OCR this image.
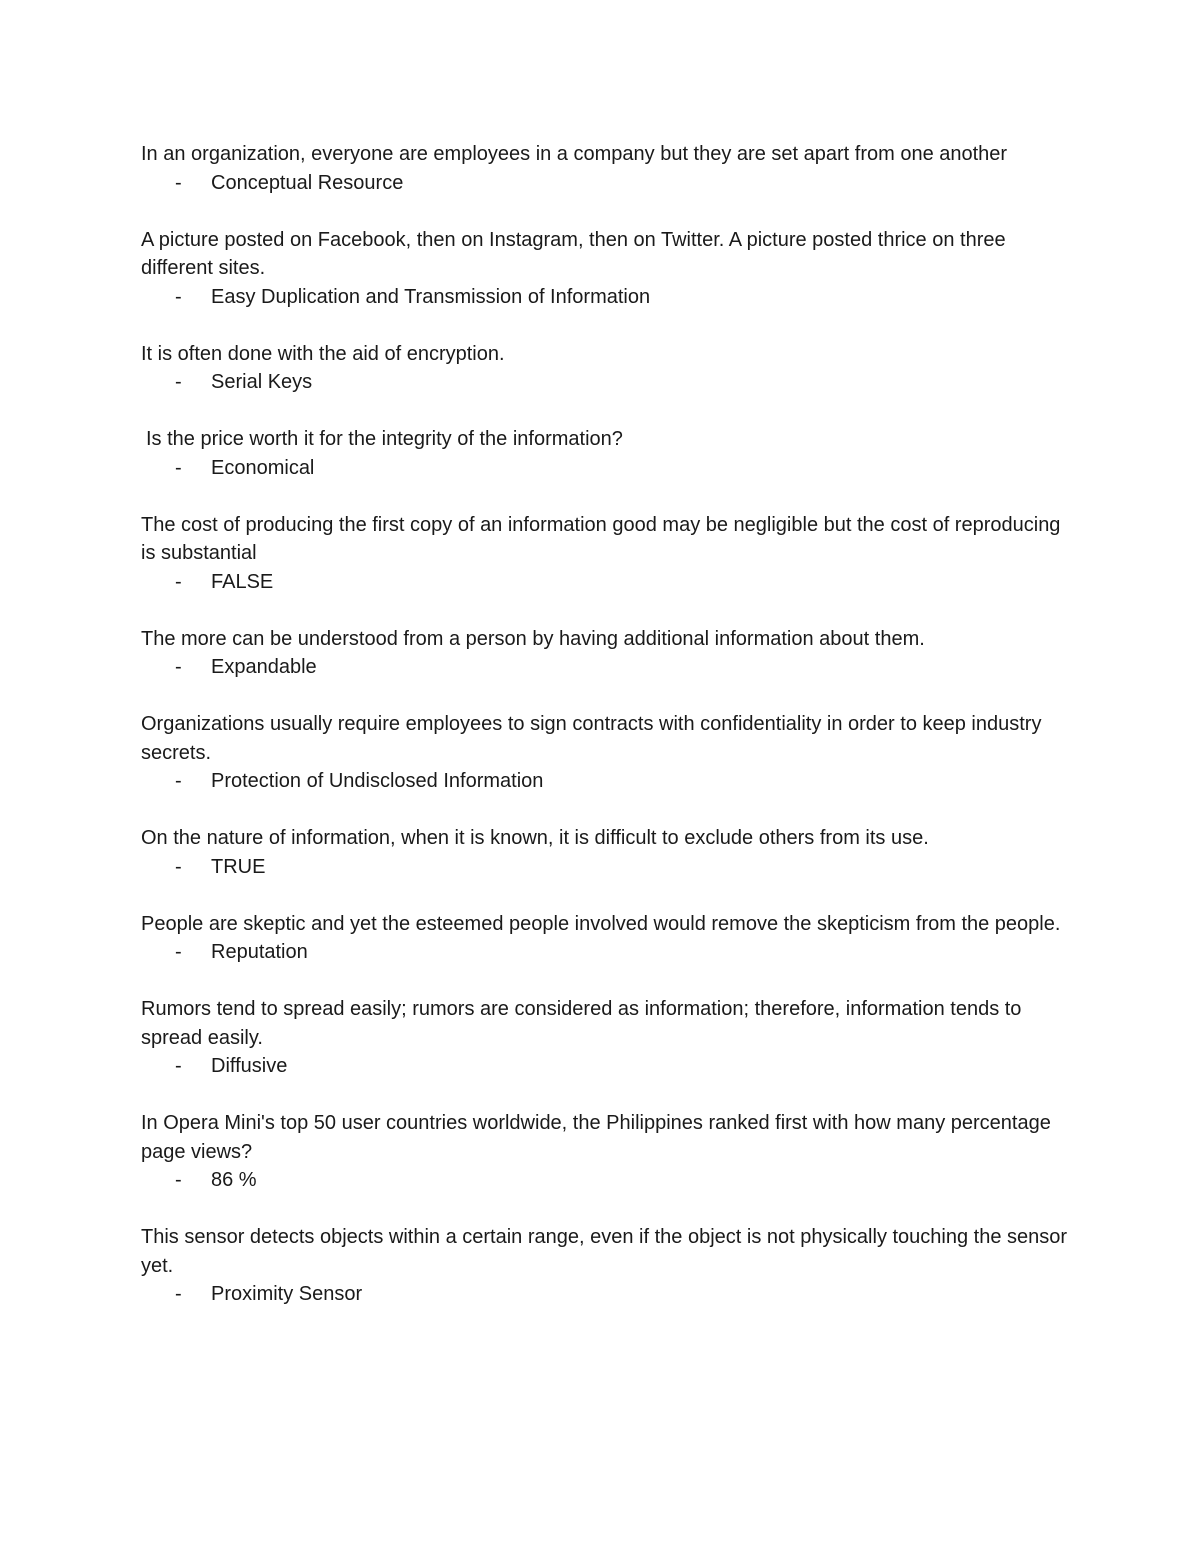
In an organization, everyone are employees in a company but they are set apart from one another

-	Conceptual Resource

A picture posted on Facebook, then on Instagram, then on Twitter. A picture posted thrice on three different sites.

-	Easy Duplication and Transmission of Information

It is often done with the aid of encryption.

-	Serial Keys

Is the price worth it for the integrity of the information?

-	Economical

The cost of producing the first copy of an information good may be negligible but the cost of reproducing is substantial

-	FALSE

The more can be understood from a person by having additional information about them.

-	Expandable

Organizations usually require employees to sign contracts with confidentiality in order to keep industry secrets.

-	Protection of Undisclosed Information

On the nature of information, when it is known, it is difficult to exclude others from its use.

-	TRUE

People are skeptic and yet the esteemed people involved would remove the skepticism from the people.

-	Reputation

Rumors tend to spread easily; rumors are considered as information; therefore, information tends to spread easily.

-	Diffusive

In Opera Mini's top 50 user countries worldwide, the Philippines ranked first with how many percentage page views?

-	86 %

This sensor detects objects within a certain range, even if the object is not physically touching the sensor yet.

-	Proximity Sensor
